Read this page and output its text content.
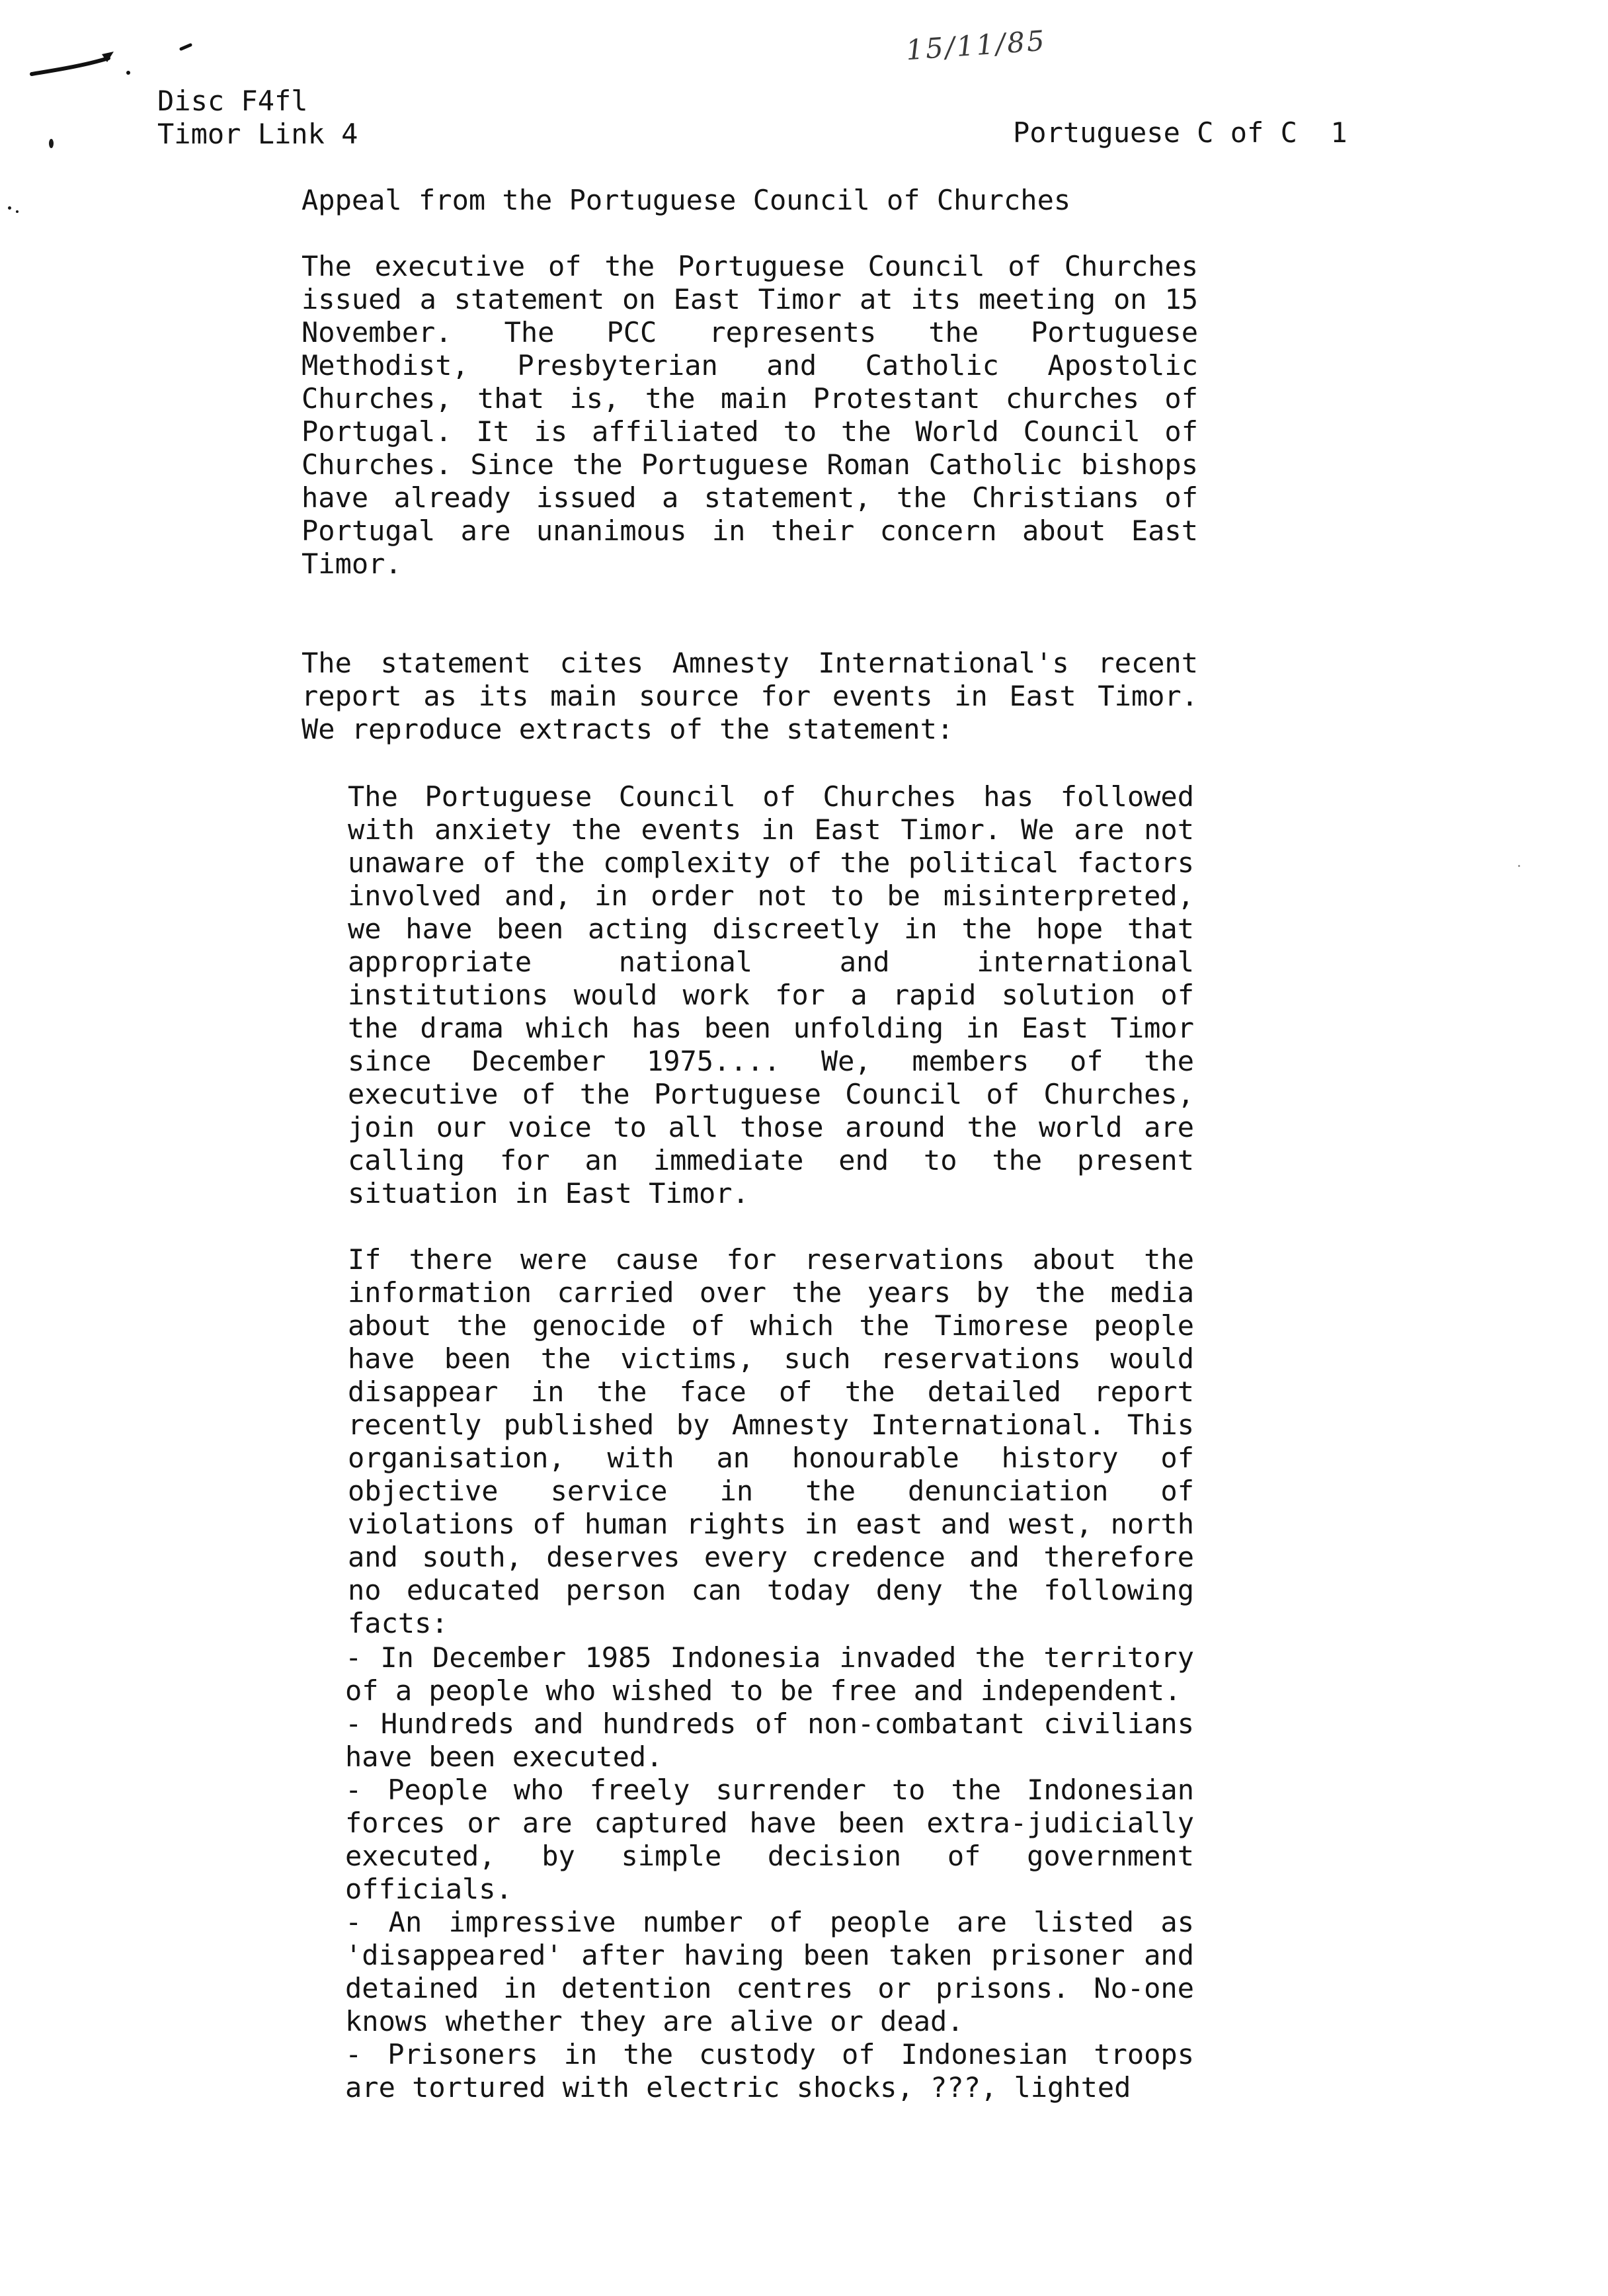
15/11/85
Disc F4fl
Timor Link 4	Portuguese C of C  1
Appeal from the Portuguese Council of Churches

The executive of the Portuguese Council of Churches issued a statement on East Timor at its meeting on 15 November. The PCC represents the Portuguese Methodist, Presbyterian and Catholic Apostolic Churches, that is, the main Protestant churches of Portugal. It is affiliated to the World Council of Churches. Since the Portuguese Roman Catholic bishops have already issued a statement, the Christians of Portugal are unanimous in their concern about East Timor.

The statement cites Amnesty International's recent report as its main source for events in East Timor. We reproduce extracts of the statement:

The Portuguese Council of Churches has followed with anxiety the events in East Timor. We are not unaware of the complexity of the political factors involved and, in order not to be misinterpreted, we have been acting discreetly in the hope that appropriate national and international institutions would work for a rapid solution of the drama which has been unfolding in East Timor since December 1975.... We, members of the executive of the Portuguese Council of Churches, join our voice to all those around the world are calling for an immediate end to the present situation in East Timor.

If there were cause for reservations about the information carried over the years by the media about the genocide of which the Timorese people have been the victims, such reservations would disappear in the face of the detailed report recently published by Amnesty International. This organisation, with an honourable history of objective service in the denunciation of violations of human rights in east and west, north and south, deserves every credence and therefore no educated person can today deny the following facts:

- In December 1985 Indonesia invaded the territory of a people who wished to be free and independent.

- Hundreds and hundreds of non-combatant civilians have been executed.

- People who freely surrender to the Indonesian forces or are captured have been extra-judicially executed, by simple decision of government officials.

- An impressive number of people are listed as 'disappeared' after having been taken prisoner and detained in detention centres or prisons. No-one knows whether they are alive or dead.

- Prisoners in the custody of Indonesian troops are tortured with electric shocks, ???, lighted
